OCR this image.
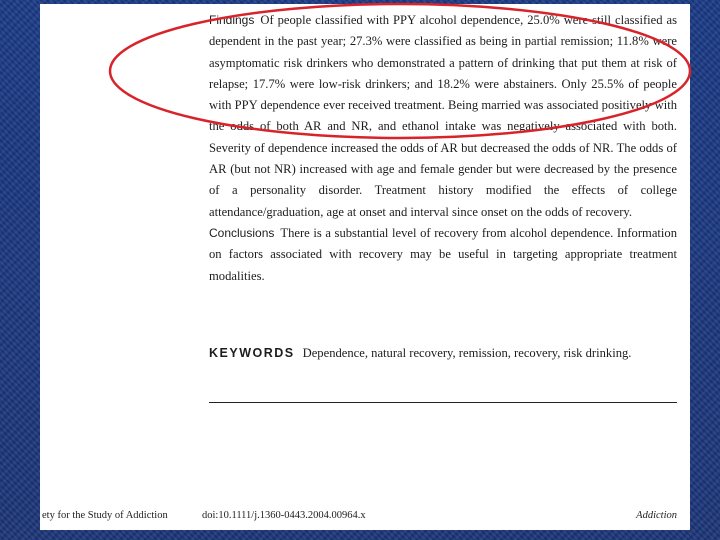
Findings Of people classified with PPY alcohol dependence, 25.0% were still classified as dependent in the past year; 27.3% were classified as being in partial remission; 11.8% were asymptomatic risk drinkers who demonstrated a pattern of drinking that put them at risk of relapse; 17.7% were low-risk drinkers; and 18.2% were abstainers. Only 25.5% of people with PPY dependence ever received treatment. Being married was associated positively with the odds of both AR and NR, and ethanol intake was negatively associated with both. Severity of dependence increased the odds of AR but decreased the odds of NR. The odds of AR (but not NR) increased with age and female gender but were decreased by the presence of a personality disorder. Treatment history modified the effects of college attendance/graduation, age at onset and interval since onset on the odds of recovery.

Conclusions There is a substantial level of recovery from alcohol dependence. Information on factors associated with recovery may be useful in targeting appropriate treatment modalities.

KEYWORDS Dependence, natural recovery, remission, recovery, risk drinking.
ety for the Study of Addiction	doi:10.1111/j.1360-0443.2004.00964.x	Addiction
